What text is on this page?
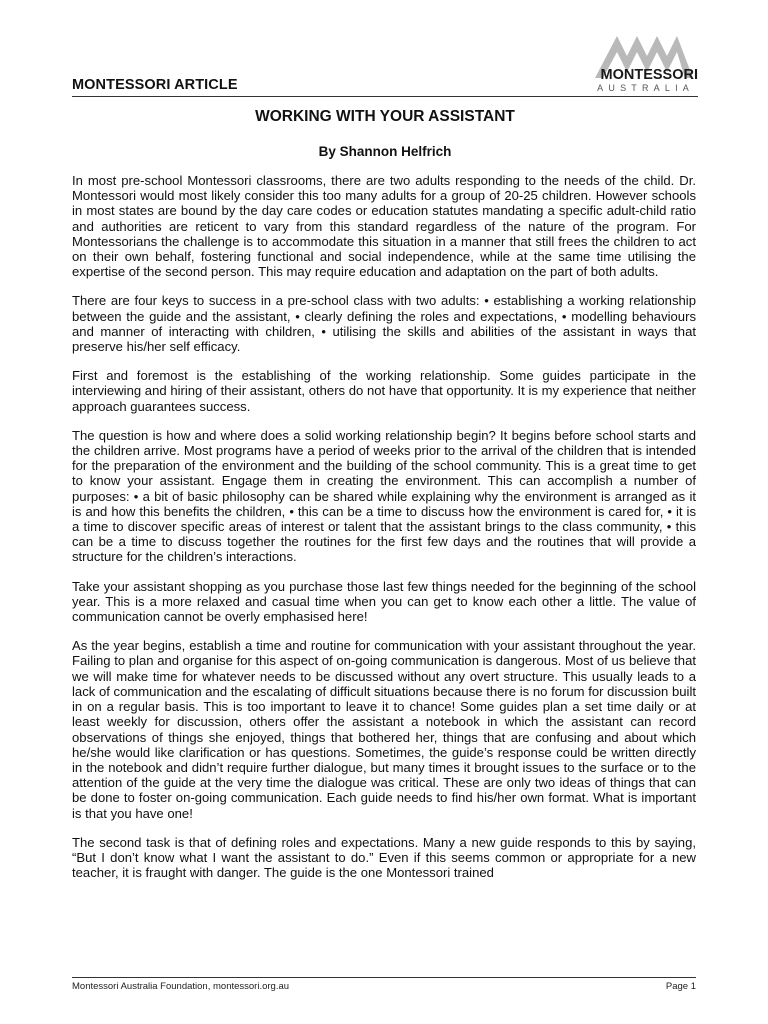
MONTESSORI ARTICLE
MONTESSORI
AUSTRALIA
WORKING WITH YOUR ASSISTANT
By Shannon Helfrich

In most pre-school Montessori classrooms, there are two adults responding to the needs of the child. Dr. Montessori would most likely consider this too many adults for a group of 20-25 children. However schools in most states are bound by the day care codes or education statutes mandating a specific adult-child ratio and authorities are reticent to vary from this standard regardless of the nature of the program. For Montessorians the challenge is to accommodate this situation in a manner that still frees the children to act on their own behalf, fostering functional and social independence, while at the same time utilising the expertise of the second person. This may require education and adaptation on the part of both adults.

There are four keys to success in a pre-school class with two adults: • establishing a working relationship between the guide and the assistant, • clearly defining the roles and expectations, • modelling behaviours and manner of interacting with children, • utilising the skills and abilities of the assistant in ways that preserve his/her self efficacy.

First and foremost is the establishing of the working relationship. Some guides participate in the interviewing and hiring of their assistant, others do not have that opportunity. It is my experience that neither approach guarantees success.

The question is how and where does a solid working relationship begin? It begins before school starts and the children arrive. Most programs have a period of weeks prior to the arrival of the children that is intended for the preparation of the environment and the building of the school community. This is a great time to get to know your assistant. Engage them in creating the environment. This can accomplish a number of purposes: • a bit of basic philosophy can be shared while explaining why the environment is arranged as it is and how this benefits the children, • this can be a time to discuss how the environment is cared for, • it is a time to discover specific areas of interest or talent that the assistant brings to the class community, • this can be a time to discuss together the routines for the first few days and the routines that will provide a structure for the children’s interactions.

Take your assistant shopping as you purchase those last few things needed for the beginning of the school year. This is a more relaxed and casual time when you can get to know each other a little. The value of communication cannot be overly emphasised here!

As the year begins, establish a time and routine for communication with your assistant throughout the year. Failing to plan and organise for this aspect of on-going communication is dangerous. Most of us believe that we will make time for whatever needs to be discussed without any overt structure. This usually leads to a lack of communication and the escalating of difficult situations because there is no forum for discussion built in on a regular basis. This is too important to leave it to chance! Some guides plan a set time daily or at least weekly for discussion, others offer the assistant a notebook in which the assistant can record observations of things she enjoyed, things that bothered her, things that are confusing and about which he/she would like clarification or has questions. Sometimes, the guide’s response could be written directly in the notebook and didn’t require further dialogue, but many times it brought issues to the surface or to the attention of the guide at the very time the dialogue was critical. These are only two ideas of things that can be done to foster on-going communication. Each guide needs to find his/her own format. What is important is that you have one!

The second task is that of defining roles and expectations. Many a new guide responds to this by saying, “But I don’t know what I want the assistant to do.” Even if this seems common or appropriate for a new teacher, it is fraught with danger. The guide is the one Montessori trained

Montessori Australia Foundation, montessori.org.au	Page 1
